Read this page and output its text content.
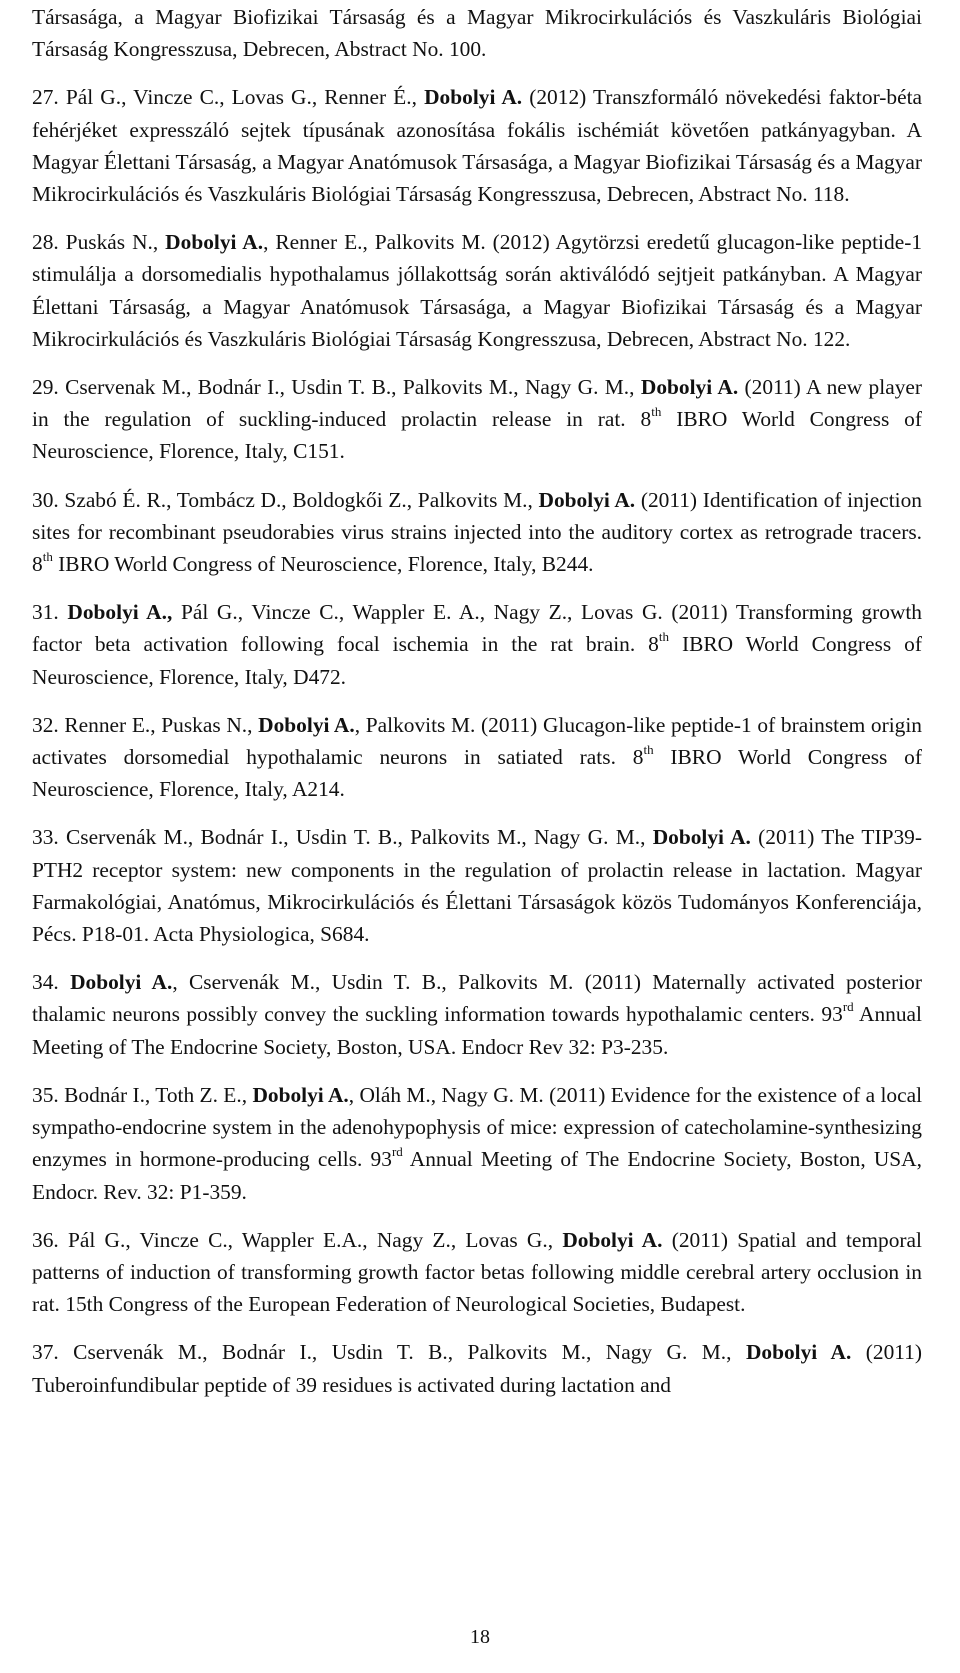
Társasága, a Magyar Biofizikai Társaság és a Magyar Mikrocirkulációs és Vaszkuláris Biológiai Társaság Kongresszusa, Debrecen, Abstract No. 100.

27. Pál G., Vincze C., Lovas G., Renner É., Dobolyi A. (2012) Transzformáló növekedési faktor-béta fehérjéket expresszáló sejtek típusának azonosítása fokális ischémiát követően patkányagyban. A Magyar Élettani Társaság, a Magyar Anatómusok Társasága, a Magyar Biofizikai Társaság és a Magyar Mikrocirkulációs és Vaszkuláris Biológiai Társaság Kongresszusa, Debrecen, Abstract No. 118.

28. Puskás N., Dobolyi A., Renner E., Palkovits M. (2012) Agytörzsi eredetű glucagon-like peptide-1 stimulálja a dorsomedialis hypothalamus jóllakottság során aktiválódó sejtjeit patkányban. A Magyar Élettani Társaság, a Magyar Anatómusok Társasága, a Magyar Biofizikai Társaság és a Magyar Mikrocirkulációs és Vaszkuláris Biológiai Társaság Kongresszusa, Debrecen, Abstract No. 122.

29. Cservenak M., Bodnár I., Usdin T. B., Palkovits M., Nagy G. M., Dobolyi A. (2011) A new player in the regulation of suckling-induced prolactin release in rat. 8th IBRO World Congress of Neuroscience, Florence, Italy, C151.

30. Szabó É. R., Tombácz D., Boldogkői Z., Palkovits M., Dobolyi A. (2011) Identification of injection sites for recombinant pseudorabies virus strains injected into the auditory cortex as retrograde tracers. 8th IBRO World Congress of Neuroscience, Florence, Italy, B244.

31. Dobolyi A., Pál G., Vincze C., Wappler E. A., Nagy Z., Lovas G. (2011) Transforming growth factor beta activation following focal ischemia in the rat brain. 8th IBRO World Congress of Neuroscience, Florence, Italy, D472.

32. Renner E., Puskas N., Dobolyi A., Palkovits M. (2011) Glucagon-like peptide-1 of brainstem origin activates dorsomedial hypothalamic neurons in satiated rats. 8th IBRO World Congress of Neuroscience, Florence, Italy, A214.

33. Cservenák M., Bodnár I., Usdin T. B., Palkovits M., Nagy G. M., Dobolyi A. (2011) The TIP39-PTH2 receptor system: new components in the regulation of prolactin release in lactation. Magyar Farmakológiai, Anatómus, Mikrocirkulációs és Élettani Társaságok közös Tudományos Konferenciája, Pécs. P18-01. Acta Physiologica, S684.

34. Dobolyi A., Cservenák M., Usdin T. B., Palkovits M. (2011) Maternally activated posterior thalamic neurons possibly convey the suckling information towards hypothalamic centers. 93rd Annual Meeting of The Endocrine Society, Boston, USA. Endocr Rev 32: P3-235.

35. Bodnár I., Toth Z. E., Dobolyi A., Oláh M., Nagy G. M. (2011) Evidence for the existence of a local sympatho-endocrine system in the adenohypophysis of mice: expression of catecholamine-synthesizing enzymes in hormone-producing cells. 93rd Annual Meeting of The Endocrine Society, Boston, USA, Endocr. Rev. 32: P1-359.

36. Pál G., Vincze C., Wappler E.A., Nagy Z., Lovas G., Dobolyi A. (2011) Spatial and temporal patterns of induction of transforming growth factor betas following middle cerebral artery occlusion in rat. 15th Congress of the European Federation of Neurological Societies, Budapest.

37. Cservenák M., Bodnár I., Usdin T. B., Palkovits M., Nagy G. M., Dobolyi A. (2011) Tuberoinfundibular peptide of 39 residues is activated during lactation and

18
